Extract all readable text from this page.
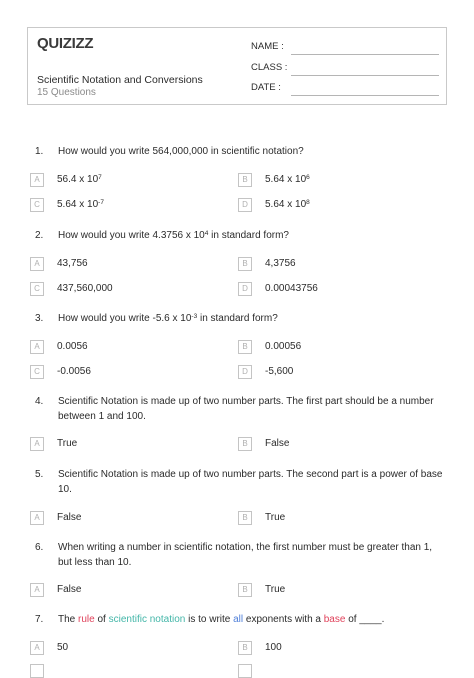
QUIZIZZ
Scientific Notation and Conversions
15 Questions
NAME :
CLASS :
DATE :
1.	How would you write 564,000,000 in scientific notation?
A	56.4 x $10^7$	B	5.64 x $10^6$
C	5.64 x $10^{-7}$	D	5.64 x $10^8$
2.	How would you write 4.3756 x $10^4$ in standard form?
A	43,756	B	4,3756
C	437,560,000	D	0.00043756
3.	How would you write -5.6 x $10^{-3}$ in standard form?
A	0.0056	B	0.00056
C	-0.0056	D	-5,600
4.	Scientific Notation is made up of two number parts. The first part should be a number
between 1 and 100.
A	True	B	False
5.	Scientific Notation is made up of two number parts. The second part is a power of base
10.
A	False	B	True
6.	When writing a number in scientific notation, the first number must be greater than 1,
but less than 10.
A	False	B	True
7.	The rule of scientific notation is to write all exponents with a base of ____.
A	50	B	100
